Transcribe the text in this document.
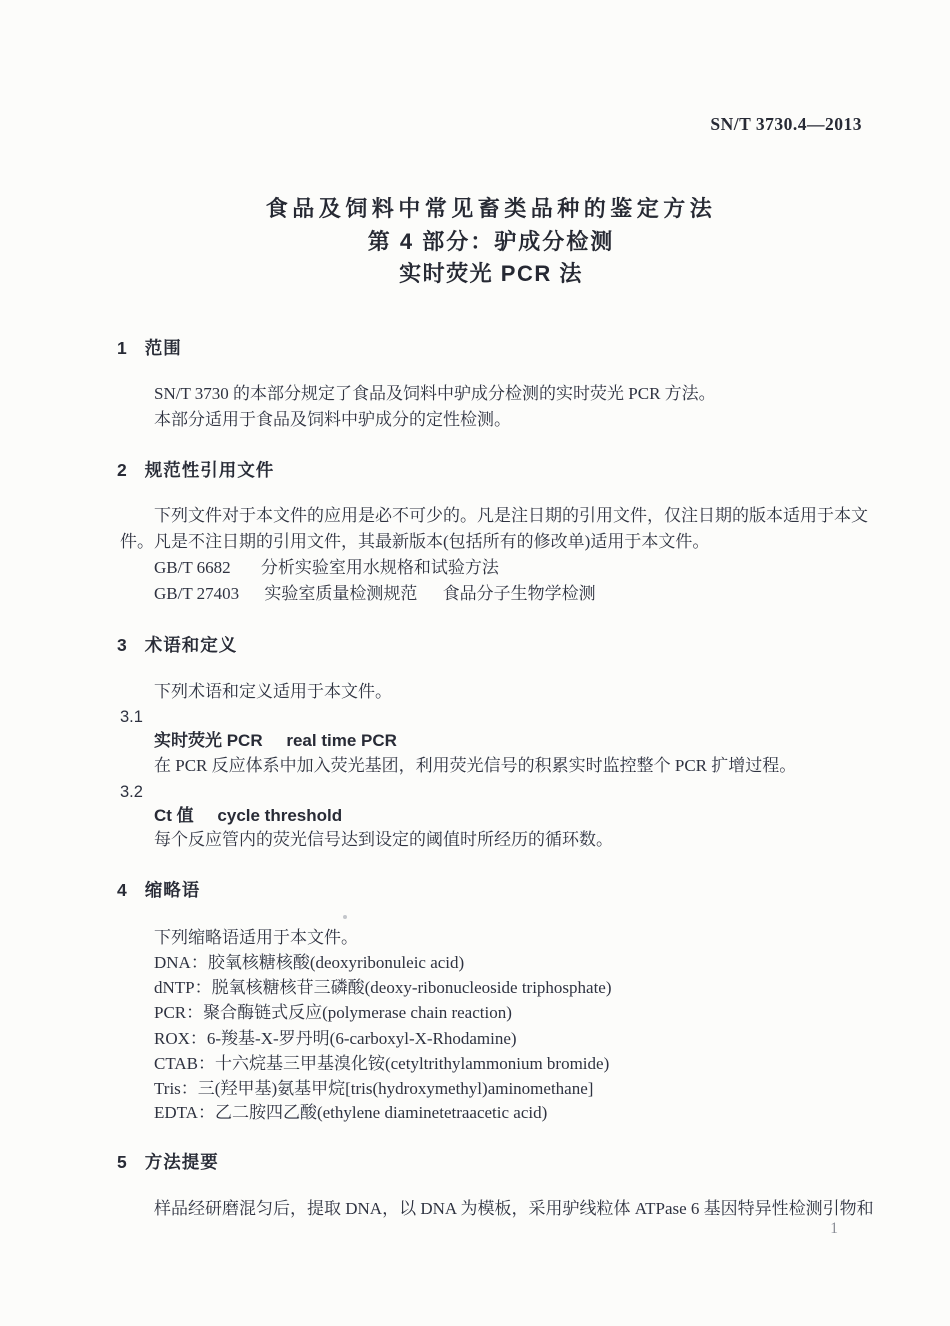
SN/T 3730.4—2013
食品及饲料中常见畜类品种的鉴定方法
第 4 部分：驴成分检测
实时荧光 PCR 法
1 范围
SN/T 3730 的本部分规定了食品及饲料中驴成分检测的实时荧光 PCR 方法。
本部分适用于食品及饲料中驴成分的定性检测。
2 规范性引用文件
下列文件对于本文件的应用是必不可少的。凡是注日期的引用文件，仅注日期的版本适用于本文
件。凡是不注日期的引用文件，其最新版本(包括所有的修改单)适用于本文件。
GB/T 6682 分析实验室用水规格和试验方法
GB/T 27403 实验室质量检测规范 食品分子生物学检测
3 术语和定义
下列术语和定义适用于本文件。
3.1
实时荧光 PCR real time PCR
在 PCR 反应体系中加入荧光基团，利用荧光信号的积累实时监控整个 PCR 扩增过程。
3.2
Ct 值 cycle threshold
每个反应管内的荧光信号达到设定的阈值时所经历的循环数。
4 缩略语
下列缩略语适用于本文件。
DNA：胶氧核糖核酸(deoxyribonuleic acid)
dNTP：脱氧核糖核苷三磷酸(deoxy-ribonucleoside triphosphate)
PCR：聚合酶链式反应(polymerase chain reaction)
ROX：6-羧基-X-罗丹明(6-carboxyl-X-Rhodamine)
CTAB：十六烷基三甲基溴化铵(cetyltrithylammonium bromide)
Tris：三(羟甲基)氨基甲烷[tris(hydroxymethyl)aminomethane]
EDTA：乙二胺四乙酸(ethylene diaminetetraacetic acid)
5 方法提要
样品经研磨混匀后，提取 DNA，以 DNA 为模板，采用驴线粒体 ATPase 6 基因特异性检测引物和
1
